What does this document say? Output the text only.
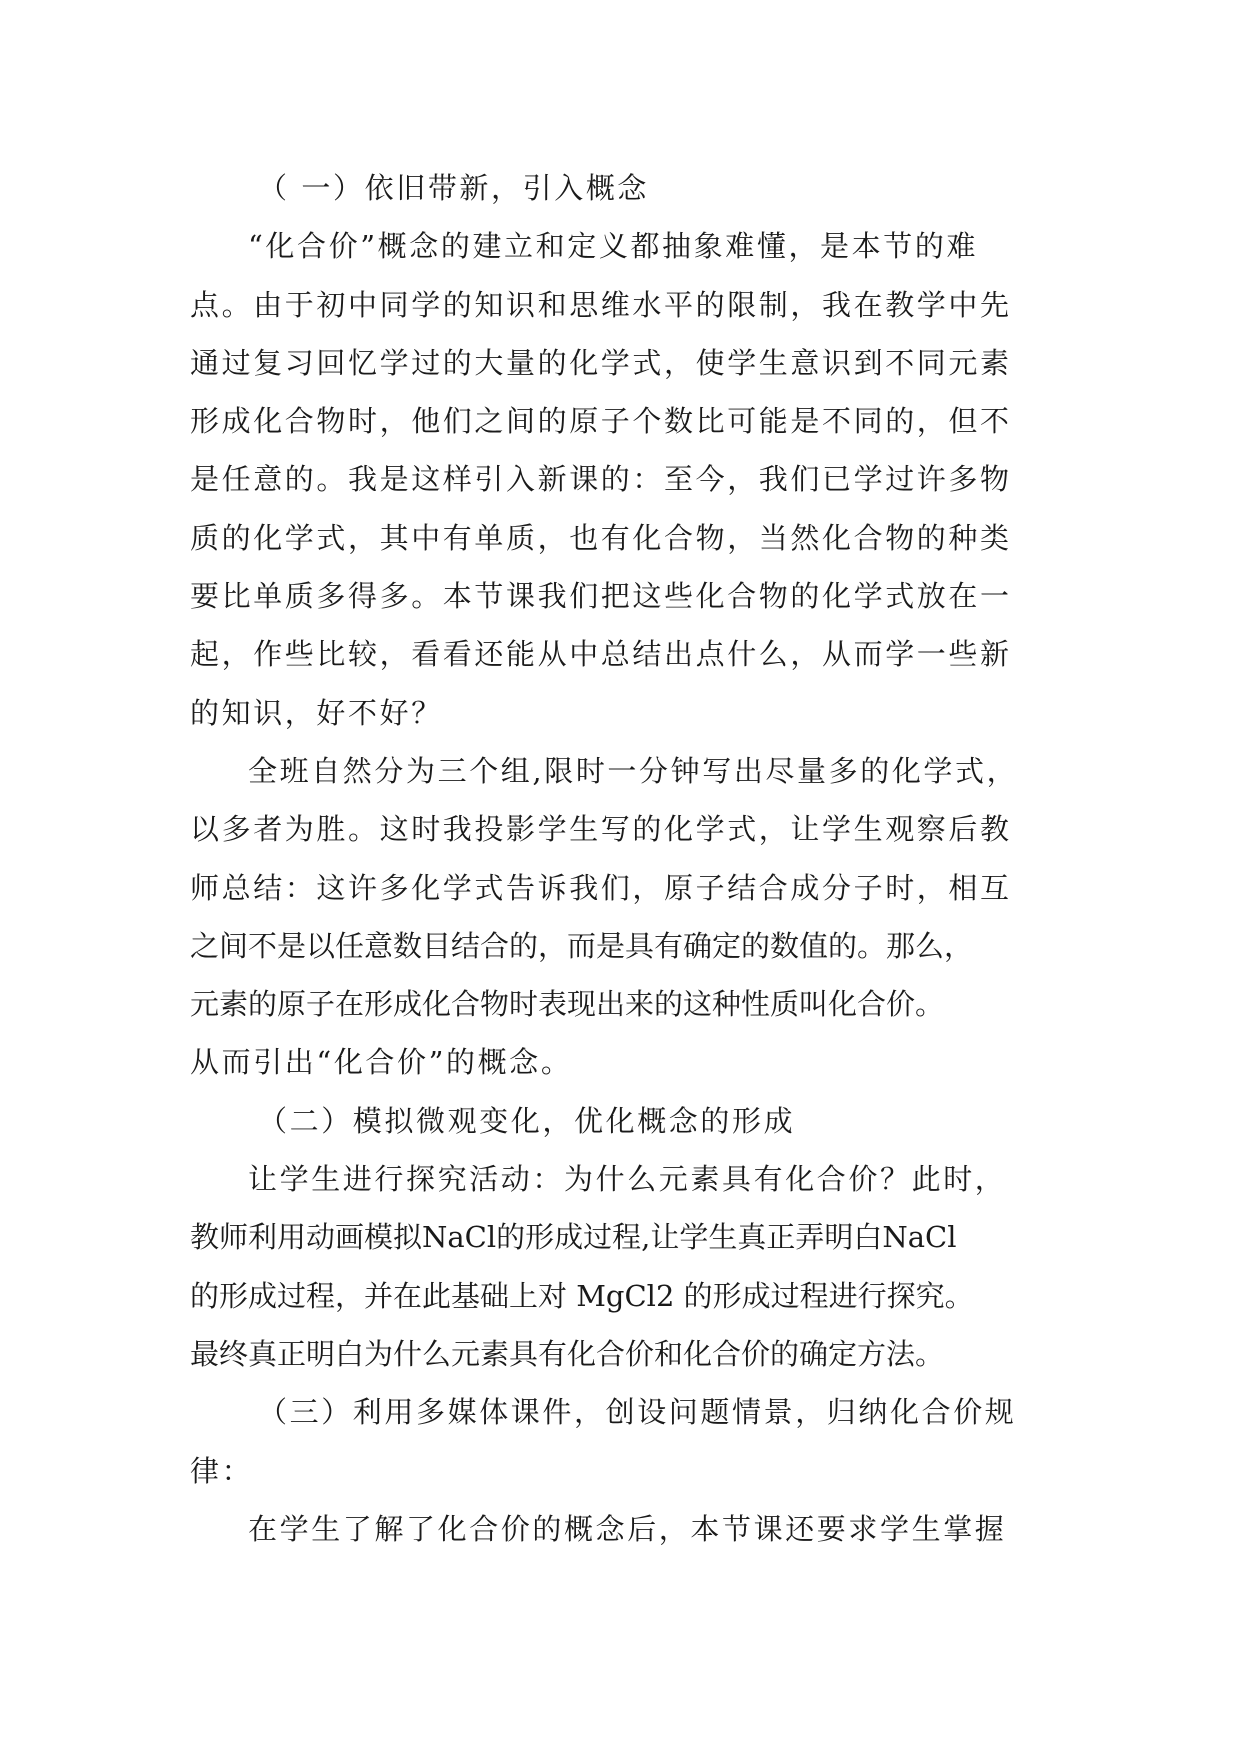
（ 一）依旧带新，引入概念
“化合价”概念的建立和定义都抽象难懂，是本节的难
点。由于初中同学的知识和思维水平的限制，我在教学中先
通过复习回忆学过的大量的化学式，使学生意识到不同元素
形成化合物时，他们之间的原子个数比可能是不同的，但不
是任意的。我是这样引入新课的：至今，我们已学过许多物
质的化学式，其中有单质，也有化合物，当然化合物的种类
要比单质多得多。本节课我们把这些化合物的化学式放在一
起，作些比较，看看还能从中总结出点什么，从而学一些新
的知识，好不好？
全班自然分为三个组,限时一分钟写出尽量多的化学式，
以多者为胜。这时我投影学生写的化学式，让学生观察后教
师总结：这许多化学式告诉我们，原子结合成分子时，相互
之间不是以任意数目结合的，而是具有确定的数值的。那么，
元素的原子在形成化合物时表现出来的这种性质叫化合价。
从而引出“化合价”的概念。
（二）模拟微观变化，优化概念的形成
让学生进行探究活动：为什么元素具有化合价？此时，
教师利用动画模拟NaCl的形成过程,让学生真正弄明白NaCl
的形成过程，并在此基础上对 MgCl2 的形成过程进行探究。
最终真正明白为什么元素具有化合价和化合价的确定方法。
（三）利用多媒体课件，创设问题情景，归纳化合价规
律：
在学生了解了化合价的概念后，本节课还要求学生掌握
